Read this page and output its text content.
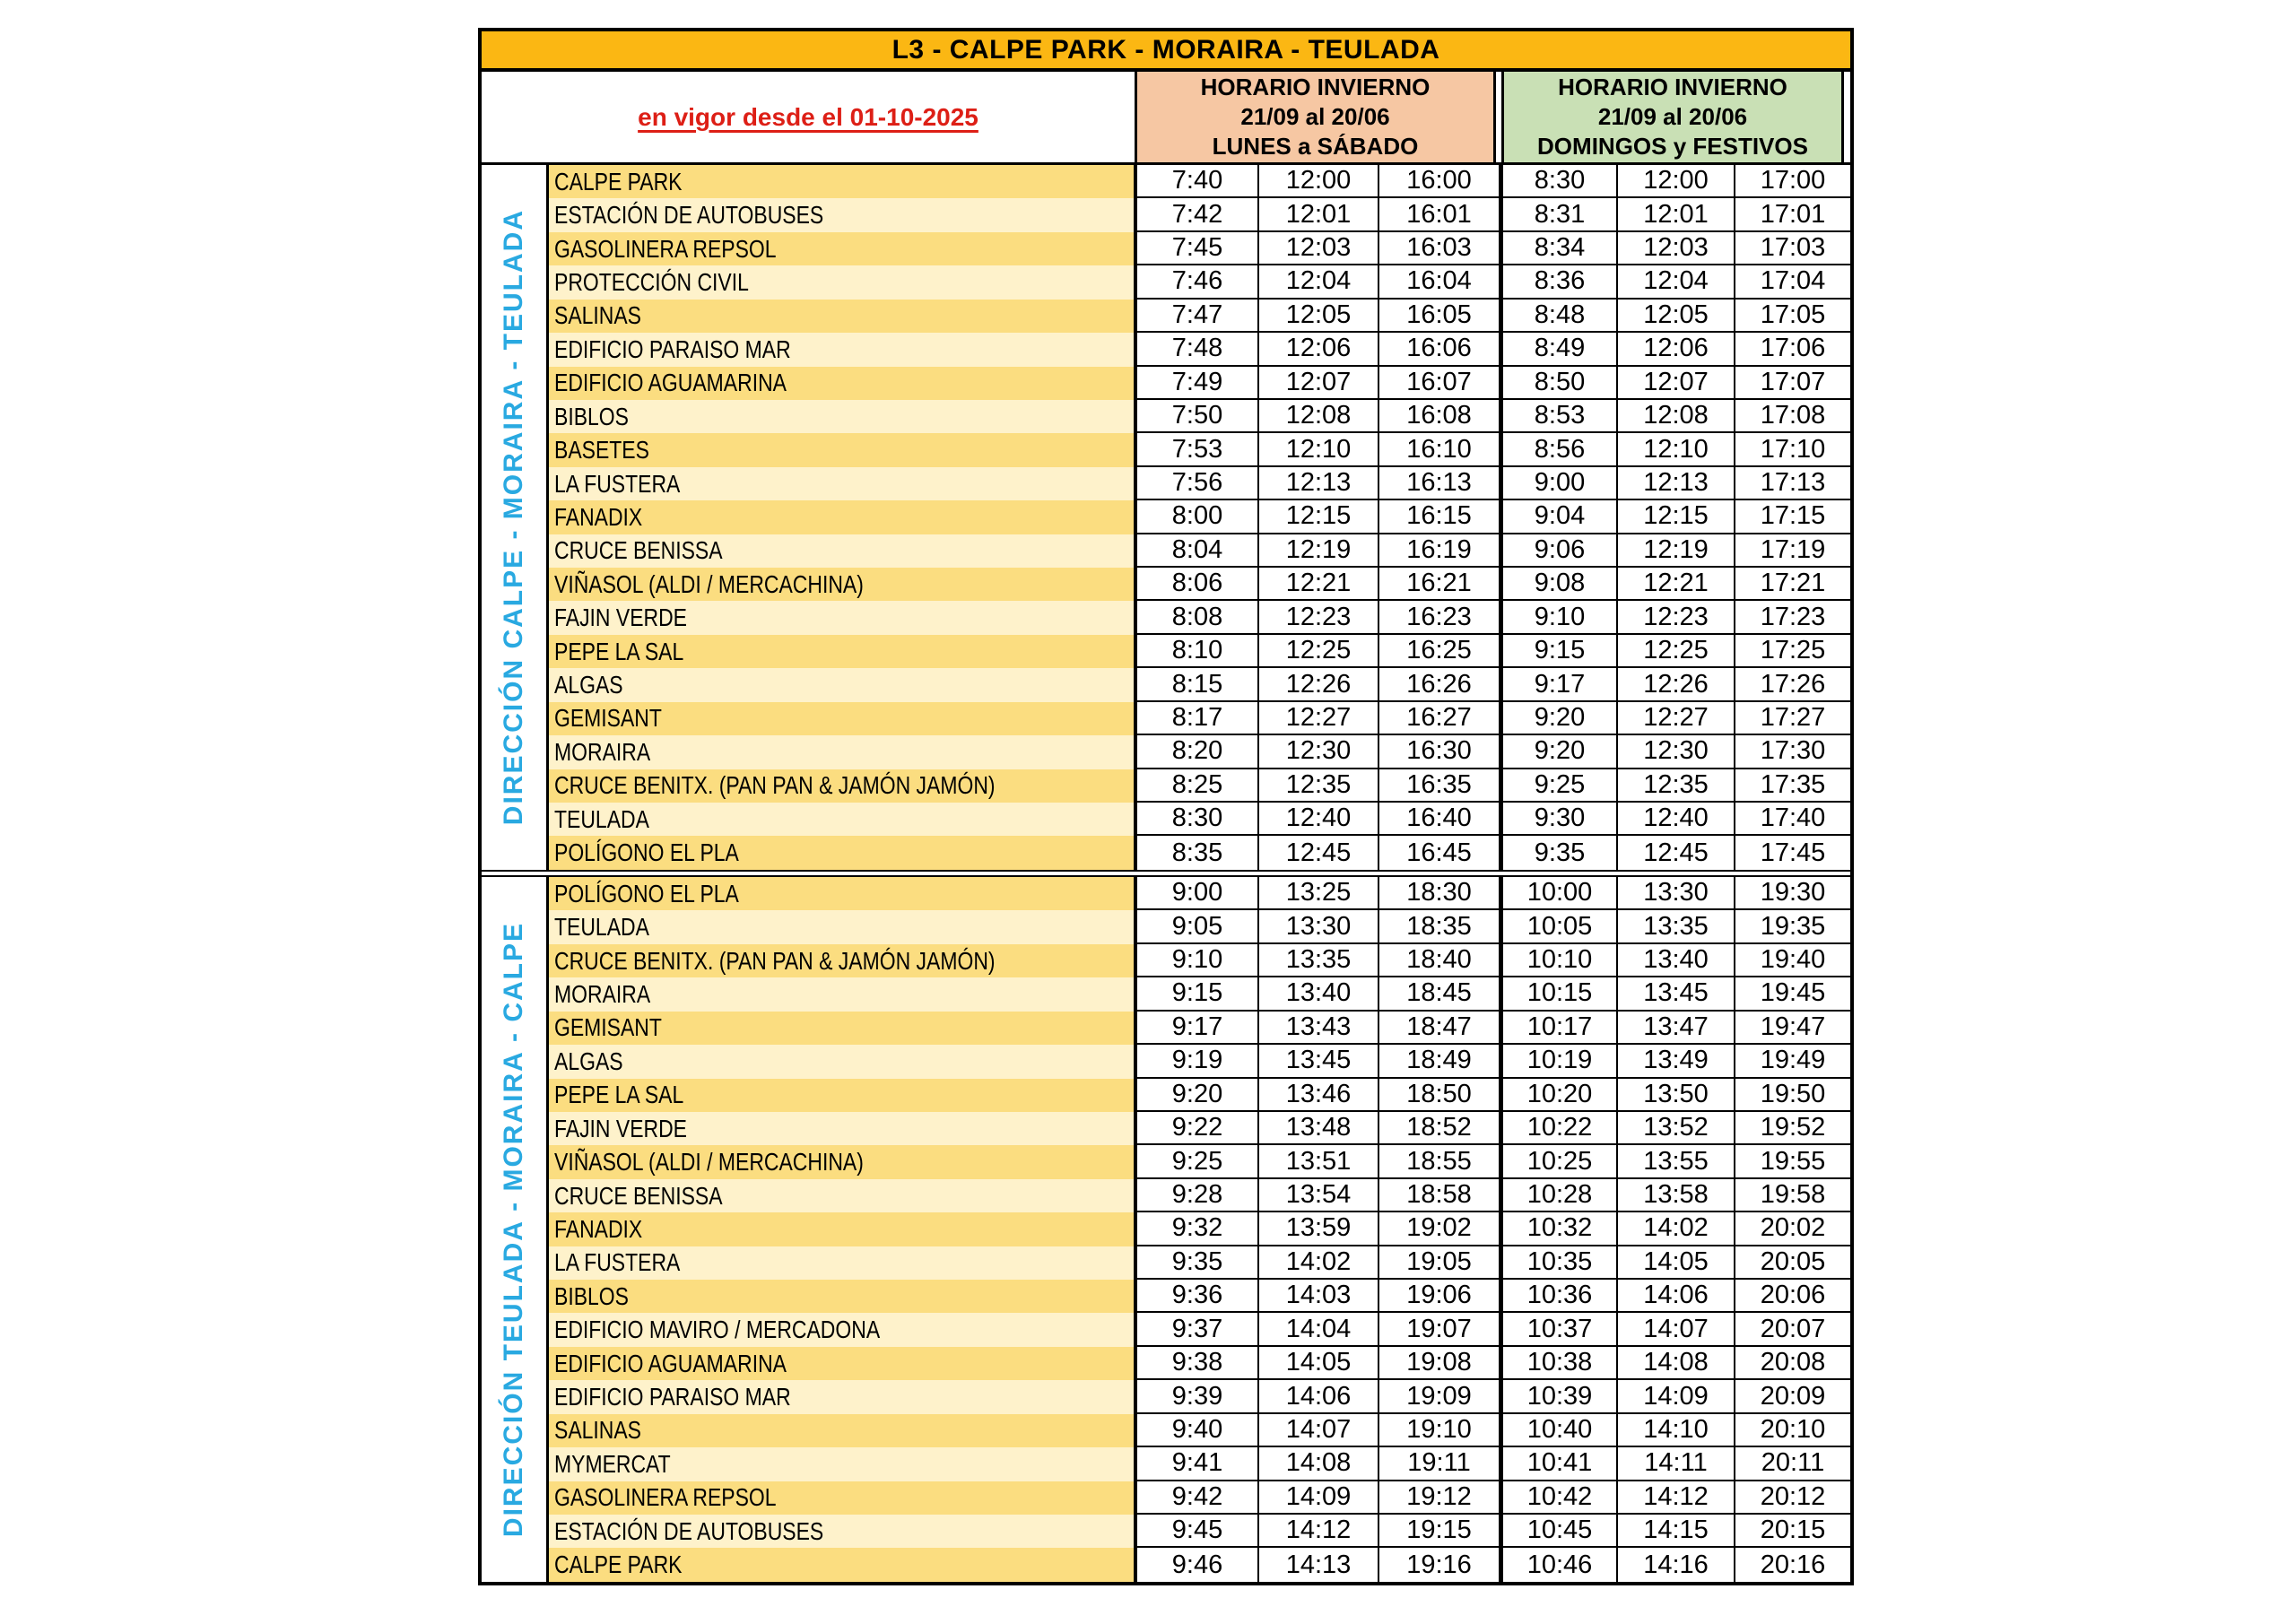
L3 - CALPE PARK - MORAIRA - TEULADA
en vigor desde el 01-10-2025
HORARIO INVIERNO
21/09 al 20/06
LUNES a SÁBADO
HORARIO INVIERNO
21/09 al 20/06
DOMINGOS y FESTIVOS
DIRECCIÓN CALPE - MORAIRA - TEULADA
CALPE PARK	7:40	12:00	16:00	8:30	12:00	17:00
ESTACIÓN DE AUTOBUSES	7:42	12:01	16:01	8:31	12:01	17:01
GASOLINERA REPSOL	7:45	12:03	16:03	8:34	12:03	17:03
PROTECCIÓN CIVIL	7:46	12:04	16:04	8:36	12:04	17:04
SALINAS	7:47	12:05	16:05	8:48	12:05	17:05
EDIFICIO PARAISO MAR	7:48	12:06	16:06	8:49	12:06	17:06
EDIFICIO AGUAMARINA	7:49	12:07	16:07	8:50	12:07	17:07
BIBLOS	7:50	12:08	16:08	8:53	12:08	17:08
BASETES	7:53	12:10	16:10	8:56	12:10	17:10
LA FUSTERA	7:56	12:13	16:13	9:00	12:13	17:13
FANADIX	8:00	12:15	16:15	9:04	12:15	17:15
CRUCE BENISSA	8:04	12:19	16:19	9:06	12:19	17:19
VIÑASOL (ALDI / MERCACHINA)	8:06	12:21	16:21	9:08	12:21	17:21
FAJIN VERDE	8:08	12:23	16:23	9:10	12:23	17:23
PEPE LA SAL	8:10	12:25	16:25	9:15	12:25	17:25
ALGAS	8:15	12:26	16:26	9:17	12:26	17:26
GEMISANT	8:17	12:27	16:27	9:20	12:27	17:27
MORAIRA	8:20	12:30	16:30	9:20	12:30	17:30
CRUCE BENITX. (PAN PAN & JAMÓN JAMÓN)	8:25	12:35	16:35	9:25	12:35	17:35
TEULADA	8:30	12:40	16:40	9:30	12:40	17:40
POLÍGONO EL PLA	8:35	12:45	16:45	9:35	12:45	17:45
DIRECCIÓN TEULADA - MORAIRA - CALPE
POLÍGONO EL PLA	9:00	13:25	18:30	10:00	13:30	19:30
TEULADA	9:05	13:30	18:35	10:05	13:35	19:35
CRUCE BENITX. (PAN PAN & JAMÓN JAMÓN)	9:10	13:35	18:40	10:10	13:40	19:40
MORAIRA	9:15	13:40	18:45	10:15	13:45	19:45
GEMISANT	9:17	13:43	18:47	10:17	13:47	19:47
ALGAS	9:19	13:45	18:49	10:19	13:49	19:49
PEPE LA SAL	9:20	13:46	18:50	10:20	13:50	19:50
FAJIN VERDE	9:22	13:48	18:52	10:22	13:52	19:52
VIÑASOL (ALDI / MERCACHINA)	9:25	13:51	18:55	10:25	13:55	19:55
CRUCE BENISSA	9:28	13:54	18:58	10:28	13:58	19:58
FANADIX	9:32	13:59	19:02	10:32	14:02	20:02
LA FUSTERA	9:35	14:02	19:05	10:35	14:05	20:05
BIBLOS	9:36	14:03	19:06	10:36	14:06	20:06
EDIFICIO MAVIRO / MERCADONA	9:37	14:04	19:07	10:37	14:07	20:07
EDIFICIO AGUAMARINA	9:38	14:05	19:08	10:38	14:08	20:08
EDIFICIO PARAISO MAR	9:39	14:06	19:09	10:39	14:09	20:09
SALINAS	9:40	14:07	19:10	10:40	14:10	20:10
MYMERCAT	9:41	14:08	19:11	10:41	14:11	20:11
GASOLINERA REPSOL	9:42	14:09	19:12	10:42	14:12	20:12
ESTACIÓN DE AUTOBUSES	9:45	14:12	19:15	10:45	14:15	20:15
CALPE PARK	9:46	14:13	19:16	10:46	14:16	20:16
